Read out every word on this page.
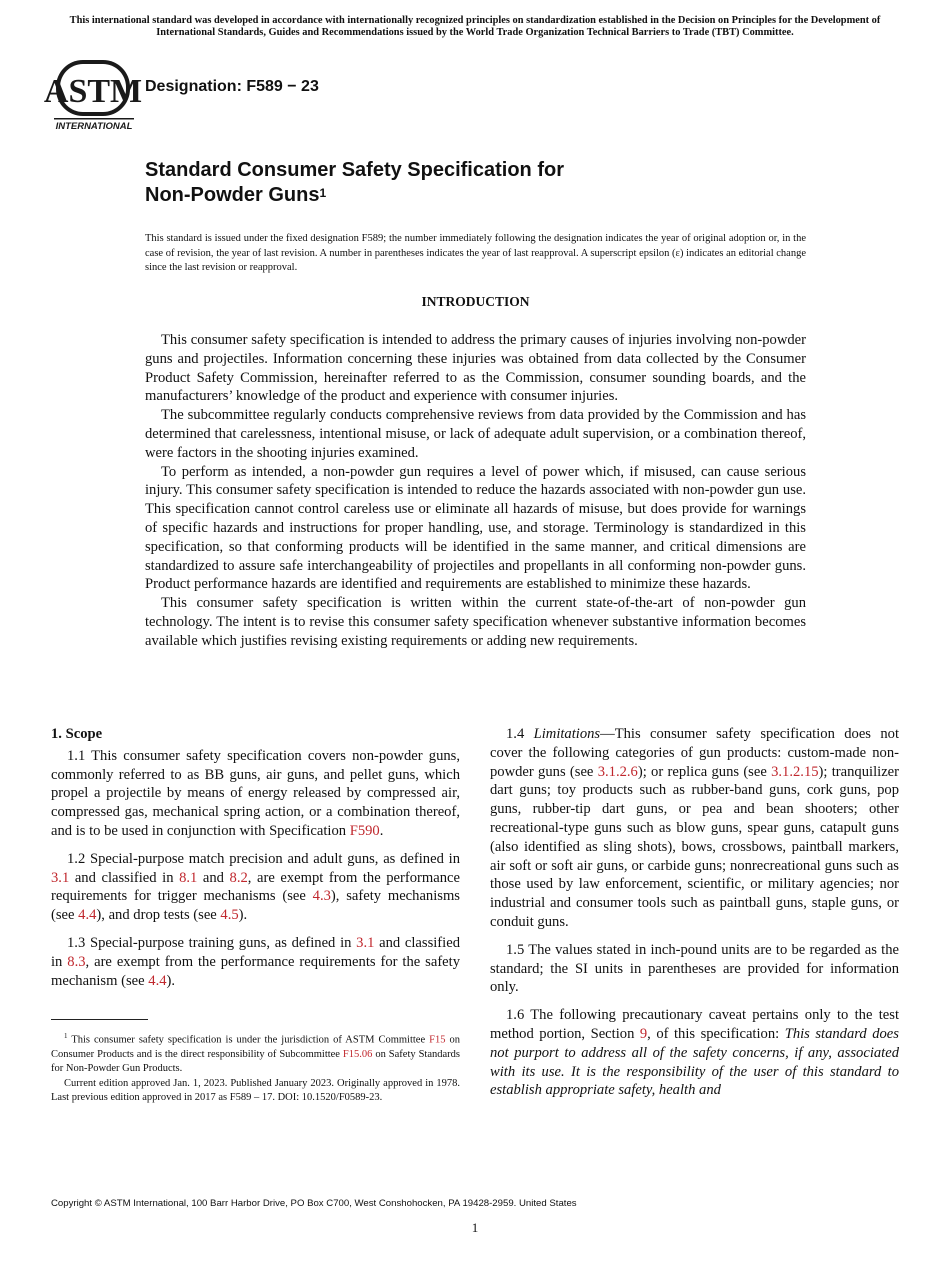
This international standard was developed in accordance with internationally recognized principles on standardization established in the Decision on Principles for the Development of International Standards, Guides and Recommendations issued by the World Trade Organization Technical Barriers to Trade (TBT) Committee.
ASTM
INTERNATIONAL
Designation: F589 − 23
Standard Consumer Safety Specification for
Non-Powder Guns$^1$
This standard is issued under the fixed designation F589; the number immediately following the designation indicates the year of original adoption or, in the case of revision, the year of last revision. A number in parentheses indicates the year of last reapproval. A superscript epsilon (ε) indicates an editorial change since the last revision or reapproval.
INTRODUCTION

This consumer safety specification is intended to address the primary causes of injuries involving non-powder guns and projectiles. Information concerning these injuries was obtained from data collected by the Consumer Product Safety Commission, hereinafter referred to as the Commission, consumer sounding boards, and the manufacturers’ knowledge of the product and experience with consumer injuries.

The subcommittee regularly conducts comprehensive reviews from data provided by the Commission and has determined that carelessness, intentional misuse, or lack of adequate adult supervision, or a combination thereof, were factors in the shooting injuries examined.

To perform as intended, a non-powder gun requires a level of power which, if misused, can cause serious injury. This consumer safety specification is intended to reduce the hazards associated with non-powder gun use. This specification cannot control careless use or eliminate all hazards of misuse, but does provide for warnings of specific hazards and instructions for proper handling, use, and storage. Terminology is standardized in this specification, so that conforming products will be identified in the same manner, and critical dimensions are standardized to assure safe interchangeability of projectiles and propellants in all conforming non-powder guns. Product performance hazards are identified and requirements are established to minimize these hazards.

This consumer safety specification is written within the current state-of-the-art of non-powder gun technology. The intent is to revise this consumer safety specification whenever substantive information becomes available which justifies revising existing requirements or adding new requirements.

1. Scope

1.1 This consumer safety specification covers non-powder guns, commonly referred to as BB guns, air guns, and pellet guns, which propel a projectile by means of energy released by compressed air, compressed gas, mechanical spring action, or a combination thereof, and is to be used in conjunction with Specification F590.

1.2 Special-purpose match precision and adult guns, as defined in 3.1 and classified in 8.1 and 8.2, are exempt from the performance requirements for trigger mechanisms (see 4.3), safety mechanisms (see 4.4), and drop tests (see 4.5).

1.3 Special-purpose training guns, as defined in 3.1 and classified in 8.3, are exempt from the performance requirements for the safety mechanism (see 4.4).

$^1$ This consumer safety specification is under the jurisdiction of ASTM Committee F15 on Consumer Products and is the direct responsibility of Subcommittee F15.06 on Safety Standards for Non-Powder Gun Products.

Current edition approved Jan. 1, 2023. Published January 2023. Originally approved in 1978. Last previous edition approved in 2017 as F589 – 17. DOI: 10.1520/F0589-23.

1.4 Limitations—This consumer safety specification does not cover the following categories of gun products: custom-made non-powder guns (see 3.1.2.6); or replica guns (see 3.1.2.15); tranquilizer dart guns; toy products such as rubber-band guns, cork guns, pop guns, rubber-tip dart guns, or pea and bean shooters; other recreational-type guns such as blow guns, spear guns, catapult guns (also identified as sling shots), bows, crossbows, paintball markers, air soft or soft air guns, or carbide guns; nonrecreational guns such as those used by law enforcement, scientific, or military agencies; nor industrial and consumer tools such as paintball guns, staple guns, or conduit guns.

1.5 The values stated in inch-pound units are to be regarded as the standard; the SI units in parentheses are provided for information only.

1.6 The following precautionary caveat pertains only to the test method portion, Section 9, of this specification: This standard does not purport to address all of the safety concerns, if any, associated with its use. It is the responsibility of the user of this standard to establish appropriate safety, health and

Copyright © ASTM International, 100 Barr Harbor Drive, PO Box C700, West Conshohocken, PA 19428-2959. United States
1
